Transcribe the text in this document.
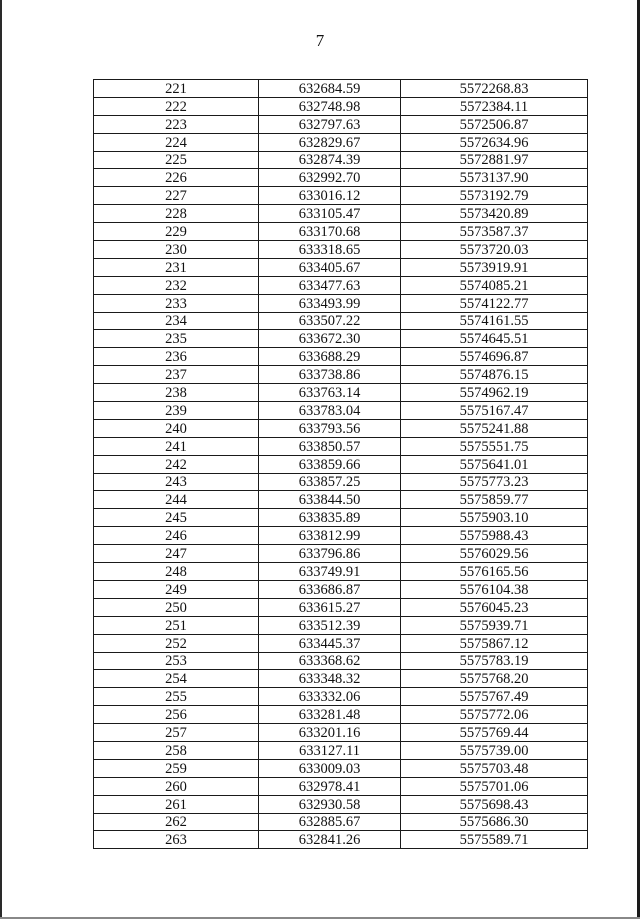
7
221	632684.59	5572268.83
222	632748.98	5572384.11
223	632797.63	5572506.87
224	632829.67	5572634.96
225	632874.39	5572881.97
226	632992.70	5573137.90
227	633016.12	5573192.79
228	633105.47	5573420.89
229	633170.68	5573587.37
230	633318.65	5573720.03
231	633405.67	5573919.91
232	633477.63	5574085.21
233	633493.99	5574122.77
234	633507.22	5574161.55
235	633672.30	5574645.51
236	633688.29	5574696.87
237	633738.86	5574876.15
238	633763.14	5574962.19
239	633783.04	5575167.47
240	633793.56	5575241.88
241	633850.57	5575551.75
242	633859.66	5575641.01
243	633857.25	5575773.23
244	633844.50	5575859.77
245	633835.89	5575903.10
246	633812.99	5575988.43
247	633796.86	5576029.56
248	633749.91	5576165.56
249	633686.87	5576104.38
250	633615.27	5576045.23
251	633512.39	5575939.71
252	633445.37	5575867.12
253	633368.62	5575783.19
254	633348.32	5575768.20
255	633332.06	5575767.49
256	633281.48	5575772.06
257	633201.16	5575769.44
258	633127.11	5575739.00
259	633009.03	5575703.48
260	632978.41	5575701.06
261	632930.58	5575698.43
262	632885.67	5575686.30
263	632841.26	5575589.71
